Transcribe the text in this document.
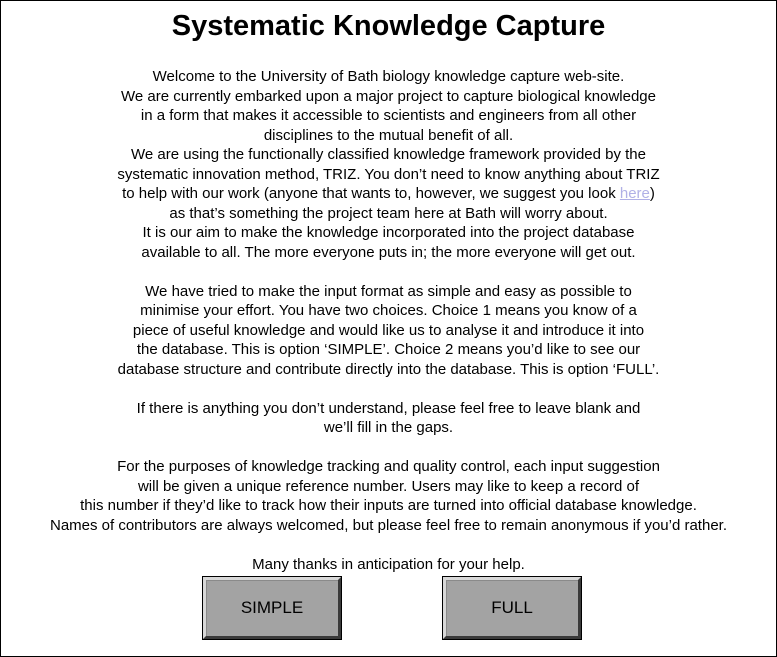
Systematic Knowledge Capture
Welcome to the University of Bath biology knowledge capture web-site.
We are currently embarked upon a major project to capture biological knowledge
in a form that makes it accessible to scientists and engineers from all other
disciplines to the mutual benefit of all.
We are using the functionally classified knowledge framework provided by the
systematic innovation method, TRIZ. You don’t need to know anything about TRIZ
to help with our work (anyone that wants to, however, we suggest you look here)
as that’s something the project team here at Bath will worry about.
It is our aim to make the knowledge incorporated into the project database
available to all. The more everyone puts in; the more everyone will get out.
We have tried to make the input format as simple and easy as possible to
minimise your effort. You have two choices. Choice 1 means you know of a
piece of useful knowledge and would like us to analyse it and introduce it into
the database. This is option ‘SIMPLE’. Choice 2 means you’d like to see our
database structure and contribute directly into the database. This is option ‘FULL’.
If there is anything you don’t understand, please feel free to leave blank and
we’ll fill in the gaps.
For the purposes of knowledge tracking and quality control, each input suggestion
will be given a unique reference number. Users may like to keep a record of
this number if they’d like to track how their inputs are turned into official database knowledge.
Names of contributors are always welcomed, but please feel free to remain anonymous if you’d rather.
Many thanks in anticipation for your help.
SIMPLE	FULL
